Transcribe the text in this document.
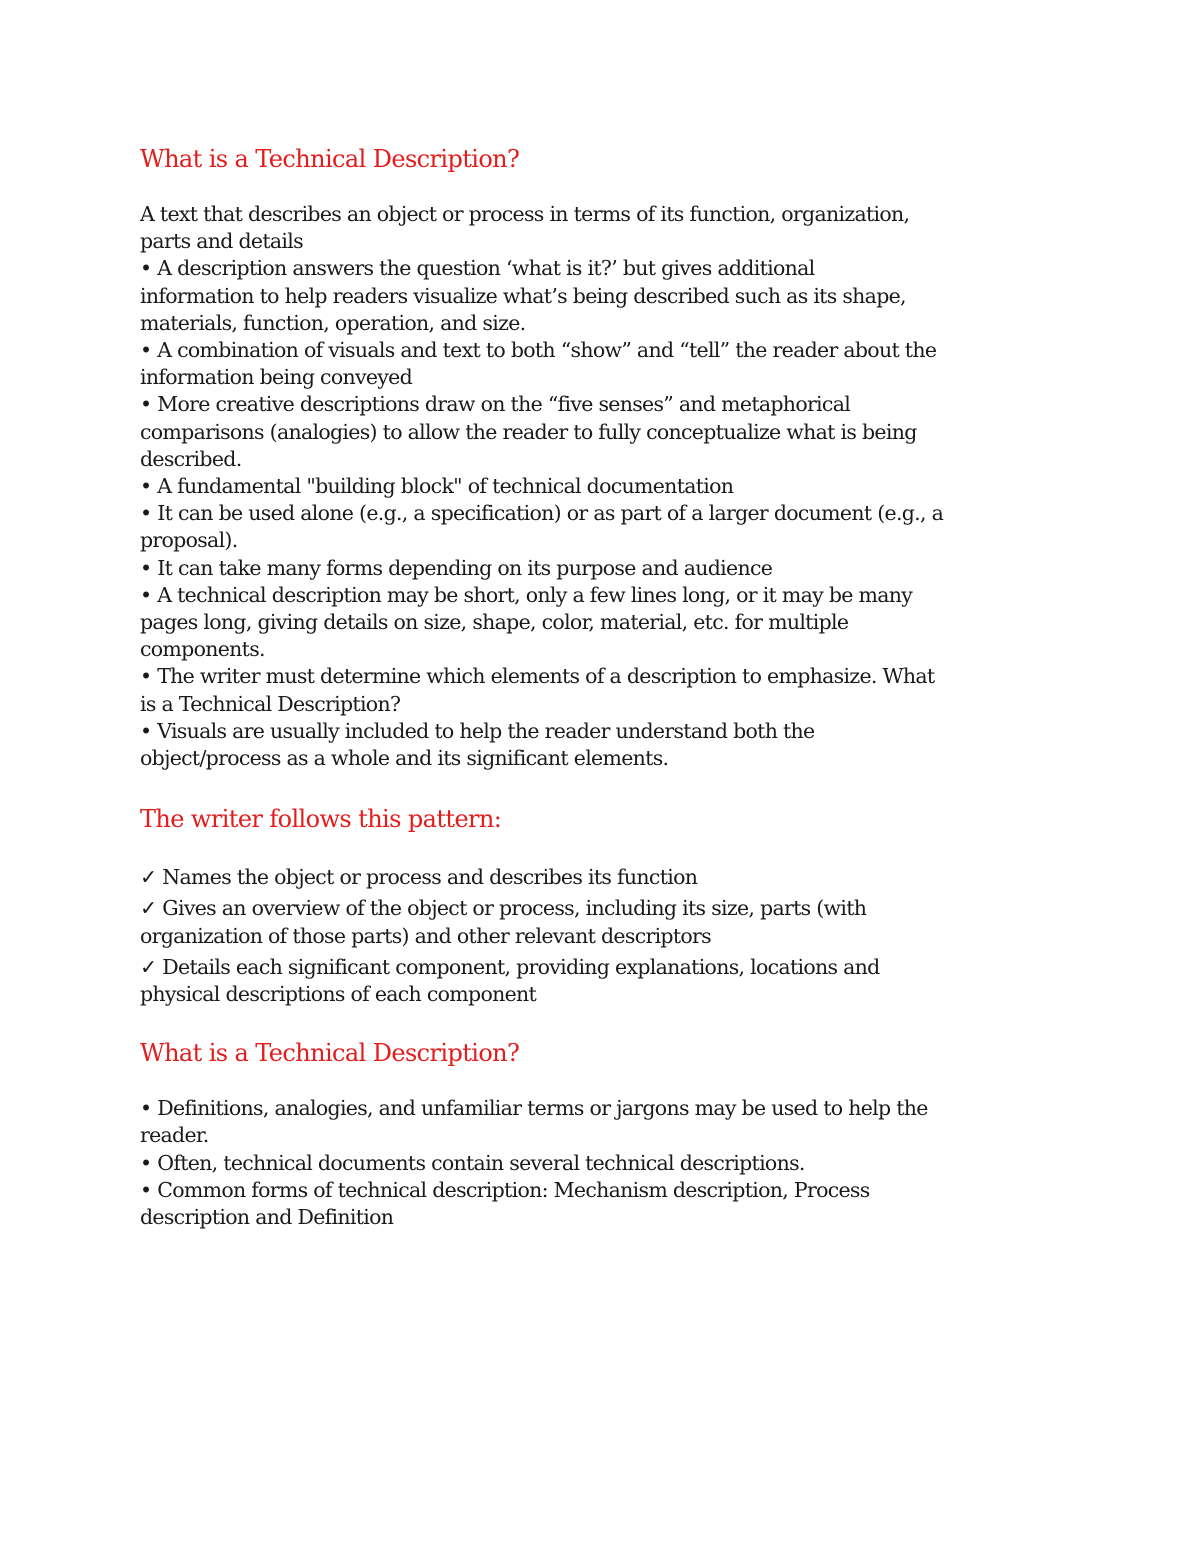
What is a Technical Description?
A text that describes an object or process in terms of its function, organization,
parts and details
• A description answers the question ‘what is it?’ but gives additional
information to help readers visualize what’s being described such as its shape,
materials, function, operation, and size.
• A combination of visuals and text to both “show” and “tell” the reader about the
information being conveyed
• More creative descriptions draw on the “five senses” and metaphorical
comparisons (analogies) to allow the reader to fully conceptualize what is being
described.
• A fundamental "building block" of technical documentation
• It can be used alone (e.g., a specification) or as part of a larger document (e.g., a
proposal).
• It can take many forms depending on its purpose and audience
• A technical description may be short, only a few lines long, or it may be many
pages long, giving details on size, shape, color, material, etc. for multiple
components.
• The writer must determine which elements of a description to emphasize. What
is a Technical Description?
• Visuals are usually included to help the reader understand both the
object/process as a whole and its significant elements.
The writer follows this pattern:
✓ Names the object or process and describes its function
✓ Gives an overview of the object or process, including its size, parts (with
organization of those parts) and other relevant descriptors
✓ Details each significant component, providing explanations, locations and
physical descriptions of each component
What is a Technical Description?
• Definitions, analogies, and unfamiliar terms or jargons may be used to help the
reader.
• Often, technical documents contain several technical descriptions.
• Common forms of technical description: Mechanism description, Process
description and Definition
